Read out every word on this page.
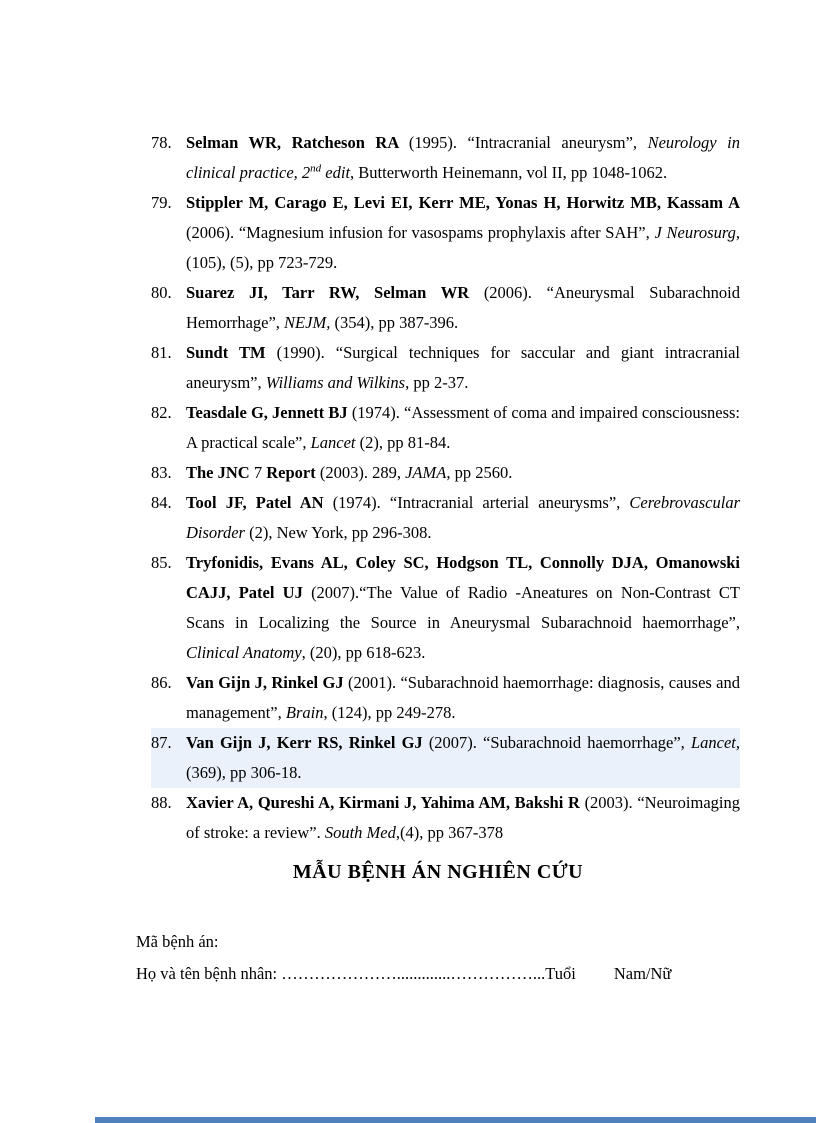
78. Selman WR, Ratcheson RA (1995). “Intracranial aneurysm”, Neurology in clinical practice, 2nd edit, Butterworth Heinemann, vol II, pp 1048-1062.
79. Stippler M, Carago E, Levi EI, Kerr ME, Yonas H, Horwitz MB, Kassam A (2006). “Magnesium infusion for vasospams prophylaxis after SAH”, J Neurosurg, (105), (5), pp 723-729.
80. Suarez JI, Tarr RW, Selman WR (2006). “Aneurysmal Subarachnoid Hemorrhage”, NEJM, (354), pp 387-396.
81. Sundt TM (1990). “Surgical techniques for saccular and giant intracranial aneurysm”, Williams and Wilkins, pp 2-37.
82. Teasdale G, Jennett BJ (1974). “Assessment of coma and impaired consciousness: A practical scale”, Lancet (2), pp 81-84.
83. The JNC 7 Report (2003). 289, JAMA, pp 2560.
84. Tool JF, Patel AN (1974). “Intracranial arterial aneurysms”, Cerebrovascular Disorder (2), New York, pp 296-308.
85. Tryfonidis, Evans AL, Coley SC, Hodgson TL, Connolly DJA, Omanowski CAJJ, Patel UJ (2007).“The Value of Radio -Aneatures on Non-Contrast CT Scans in Localizing the Source in Aneurysmal Subarachnoid haemorrhage”, Clinical Anatomy, (20), pp 618-623.
86. Van Gijn J, Rinkel GJ (2001). “Subarachnoid haemorrhage: diagnosis, causes and management”, Brain, (124), pp 249-278.
87. Van Gijn J, Kerr RS, Rinkel GJ (2007). “Subarachnoid haemorrhage”, Lancet, (369), pp 306-18.
88. Xavier A, Qureshi A, Kirmani J, Yahima AM, Bakshi R (2003). “Neuroimaging of stroke: a review”. South Med,(4), pp 367-378
MẪU BỆNH ÁN NGHIÊN CỨU
Mã bệnh án:
Họ và tên bệnh nhân: ………………….............……………...Tuổi Nam/Nữ
